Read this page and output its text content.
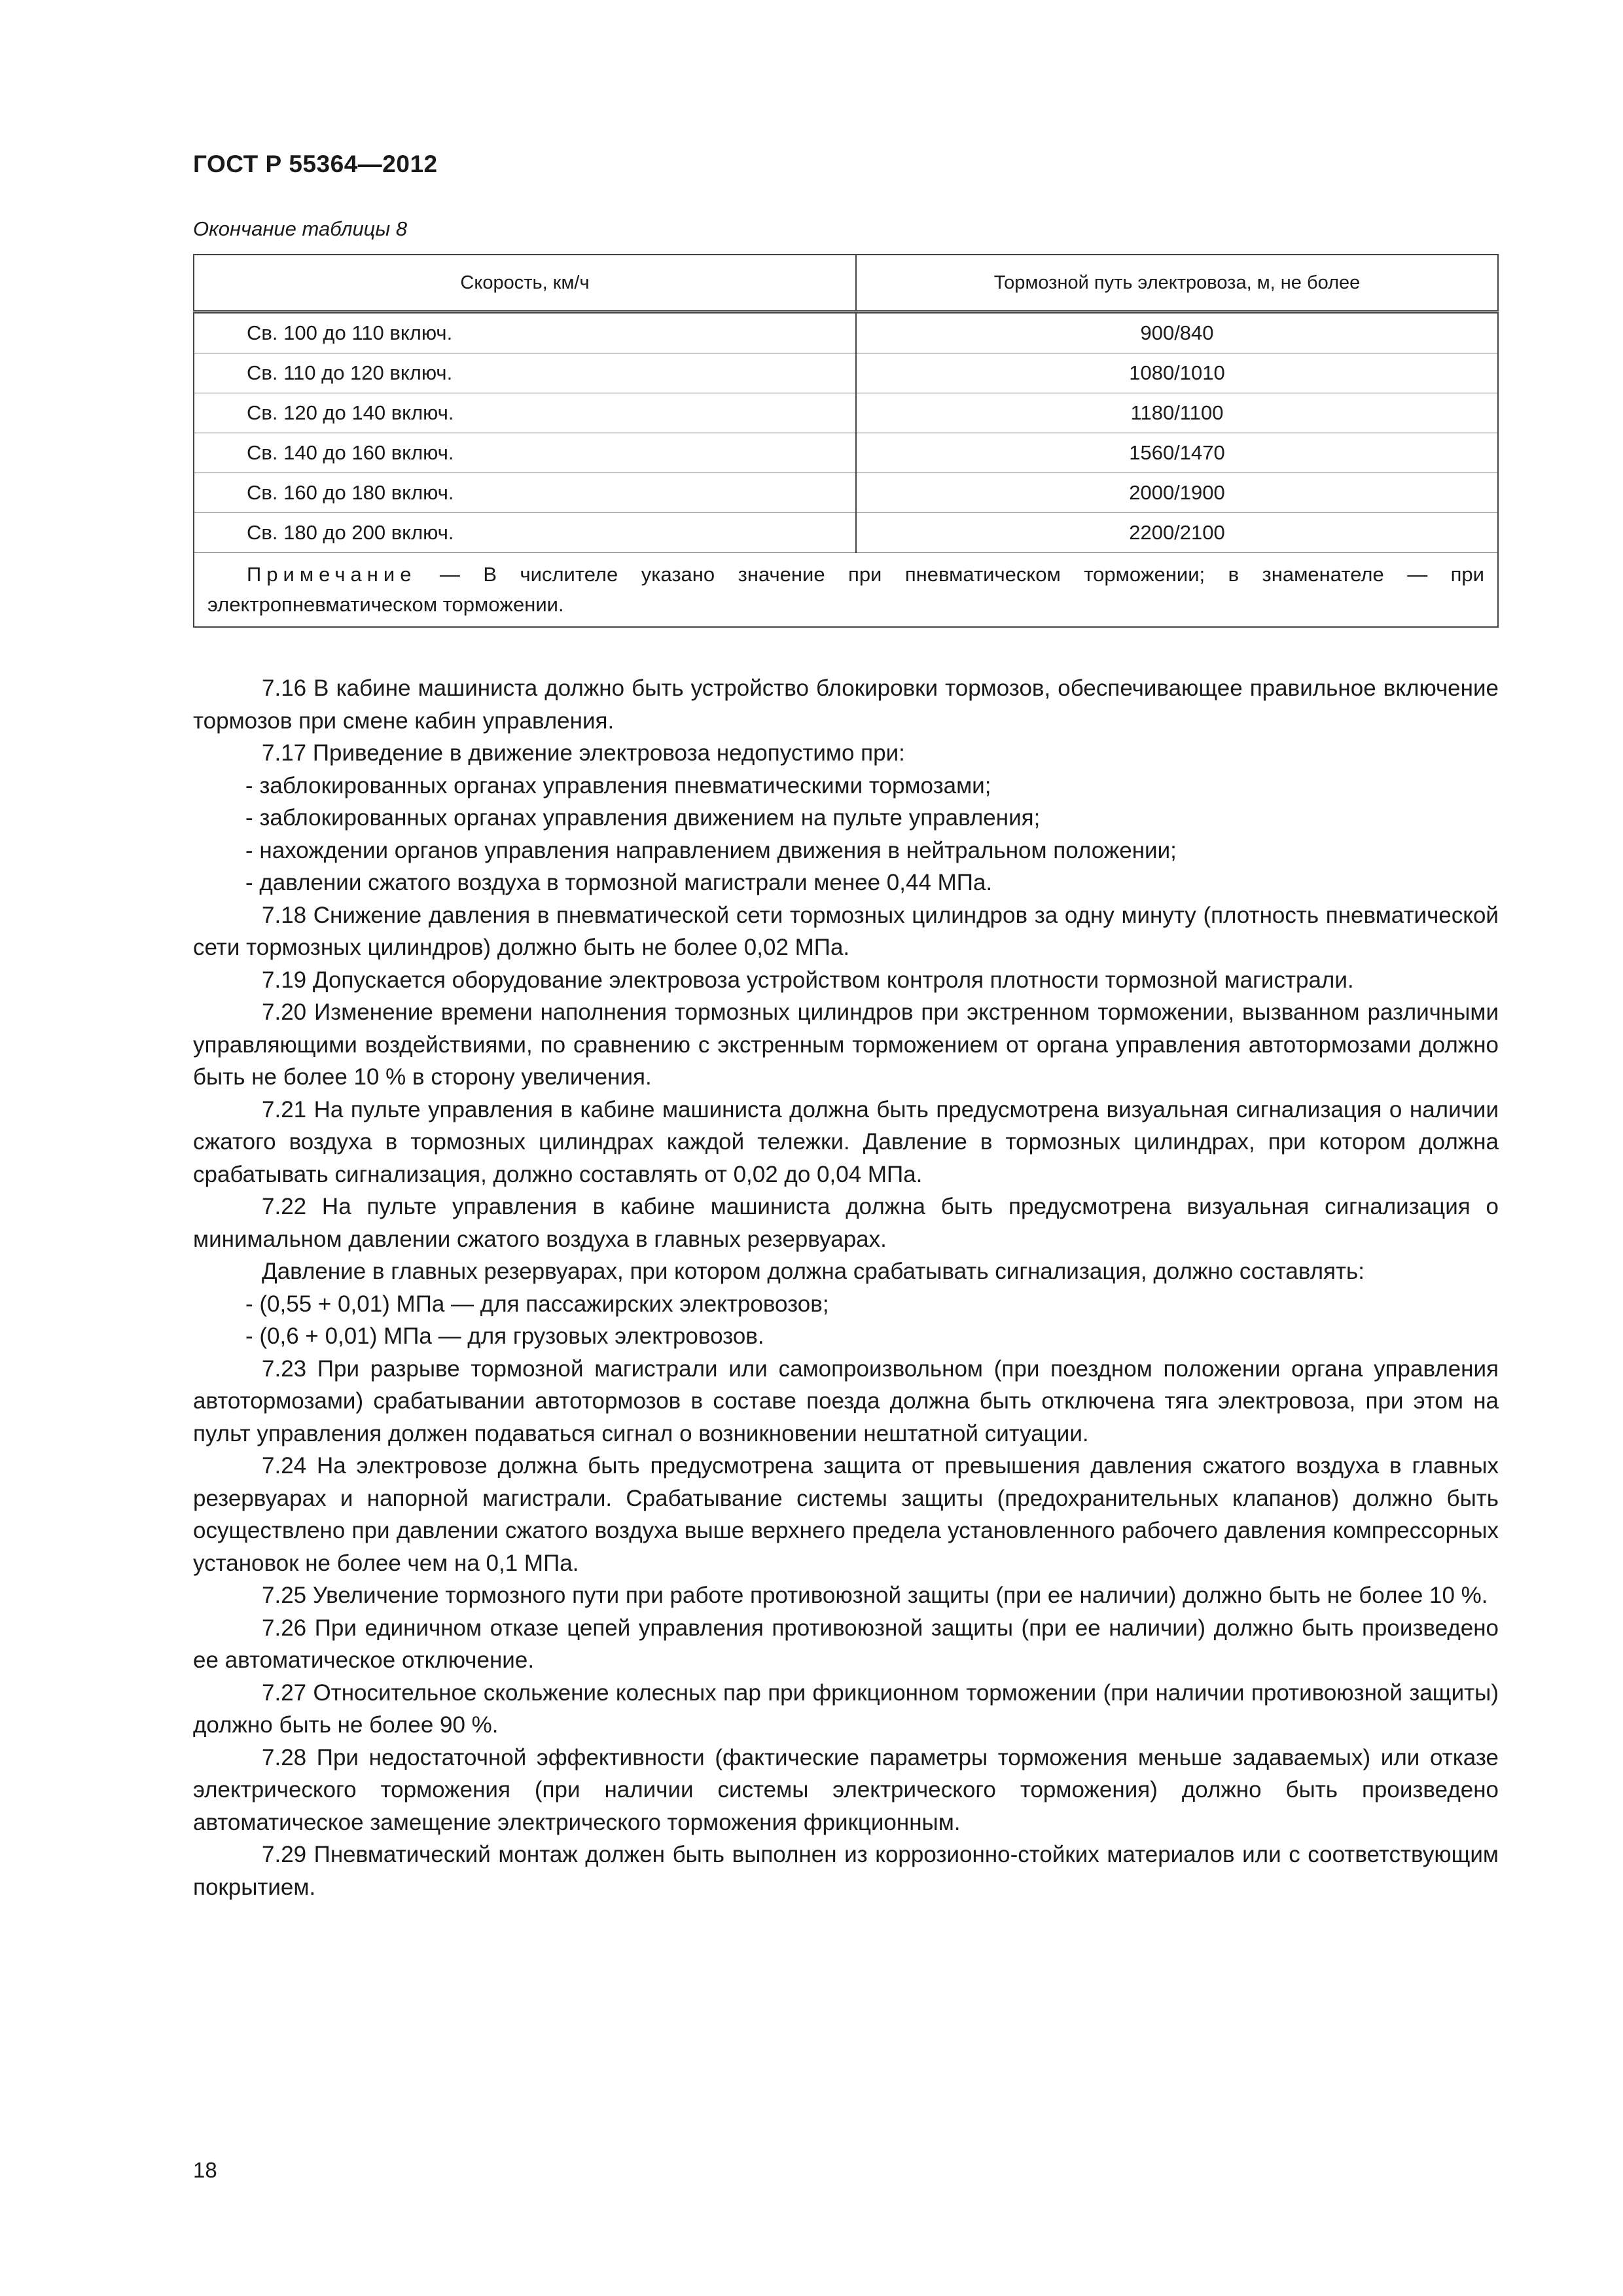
ГОСТ Р 55364—2012
Окончание таблицы 8
Скорость, км/ч	Тормозной путь электровоза, м, не более
Св. 100 до 110 включ.	900/840
Св. 110 до 120 включ.	1080/1010
Св. 120 до 140 включ.	1180/1100
Св. 140 до 160 включ.	1560/1470
Св. 160 до 180 включ.	2000/1900
Св. 180 до 200 включ.	2200/2100
Примечание — В числителе указано значение при пневматическом торможении; в знаменателе — при электропневматическом торможении.	

7.16 В кабине машиниста должно быть устройство блокировки тормозов, обеспечивающее правильное включение тормозов при смене кабин управления.

7.17 Приведение в движение электровоза недопустимо при:

- заблокированных органах управления пневматическими тормозами;

- заблокированных органах управления движением на пульте управления;

- нахождении органов управления направлением движения в нейтральном положении;

- давлении сжатого воздуха в тормозной магистрали менее 0,44 МПа.

7.18 Снижение давления в пневматической сети тормозных цилиндров за одну минуту (плотность пневматической сети тормозных цилиндров) должно быть не более 0,02 МПа.

7.19 Допускается оборудование электровоза устройством контроля плотности тормозной магистрали.

7.20 Изменение времени наполнения тормозных цилиндров при экстренном торможении, вызванном различными управляющими воздействиями, по сравнению с экстренным торможением от органа управления автотормозами должно быть не более 10 % в сторону увеличения.

7.21 На пульте управления в кабине машиниста должна быть предусмотрена визуальная сигнализация о наличии сжатого воздуха в тормозных цилиндрах каждой тележки. Давление в тормозных цилиндрах, при котором должна срабатывать сигнализация, должно составлять от 0,02 до 0,04 МПа.

7.22 На пульте управления в кабине машиниста должна быть предусмотрена визуальная сигнализация о минимальном давлении сжатого воздуха в главных резервуарах.

Давление в главных резервуарах, при котором должна срабатывать сигнализация, должно составлять:

- (0,55 + 0,01) МПа — для пассажирских электровозов;

- (0,6 + 0,01) МПа — для грузовых электровозов.

7.23 При разрыве тормозной магистрали или самопроизвольном (при поездном положении органа управления автотормозами) срабатывании автотормозов в составе поезда должна быть отключена тяга электровоза, при этом на пульт управления должен подаваться сигнал о возникновении нештатной ситуации.

7.24 На электровозе должна быть предусмотрена защита от превышения давления сжатого воздуха в главных резервуарах и напорной магистрали. Срабатывание системы защиты (предохранительных клапанов) должно быть осуществлено при давлении сжатого воздуха выше верхнего предела установленного рабочего давления компрессорных установок не более чем на 0,1 МПа.

7.25 Увеличение тормозного пути при работе противоюзной защиты (при ее наличии) должно быть не более 10 %.

7.26 При единичном отказе цепей управления противоюзной защиты (при ее наличии) должно быть произведено ее автоматическое отключение.

7.27 Относительное скольжение колесных пар при фрикционном торможении (при наличии противоюзной защиты) должно быть не более 90 %.

7.28 При недостаточной эффективности (фактические параметры торможения меньше задаваемых) или отказе электрического торможения (при наличии системы электрического торможения) должно быть произведено автоматическое замещение электрического торможения фрикционным.

7.29 Пневматический монтаж должен быть выполнен из коррозионно-стойких материалов или с соответствующим покрытием.

18
